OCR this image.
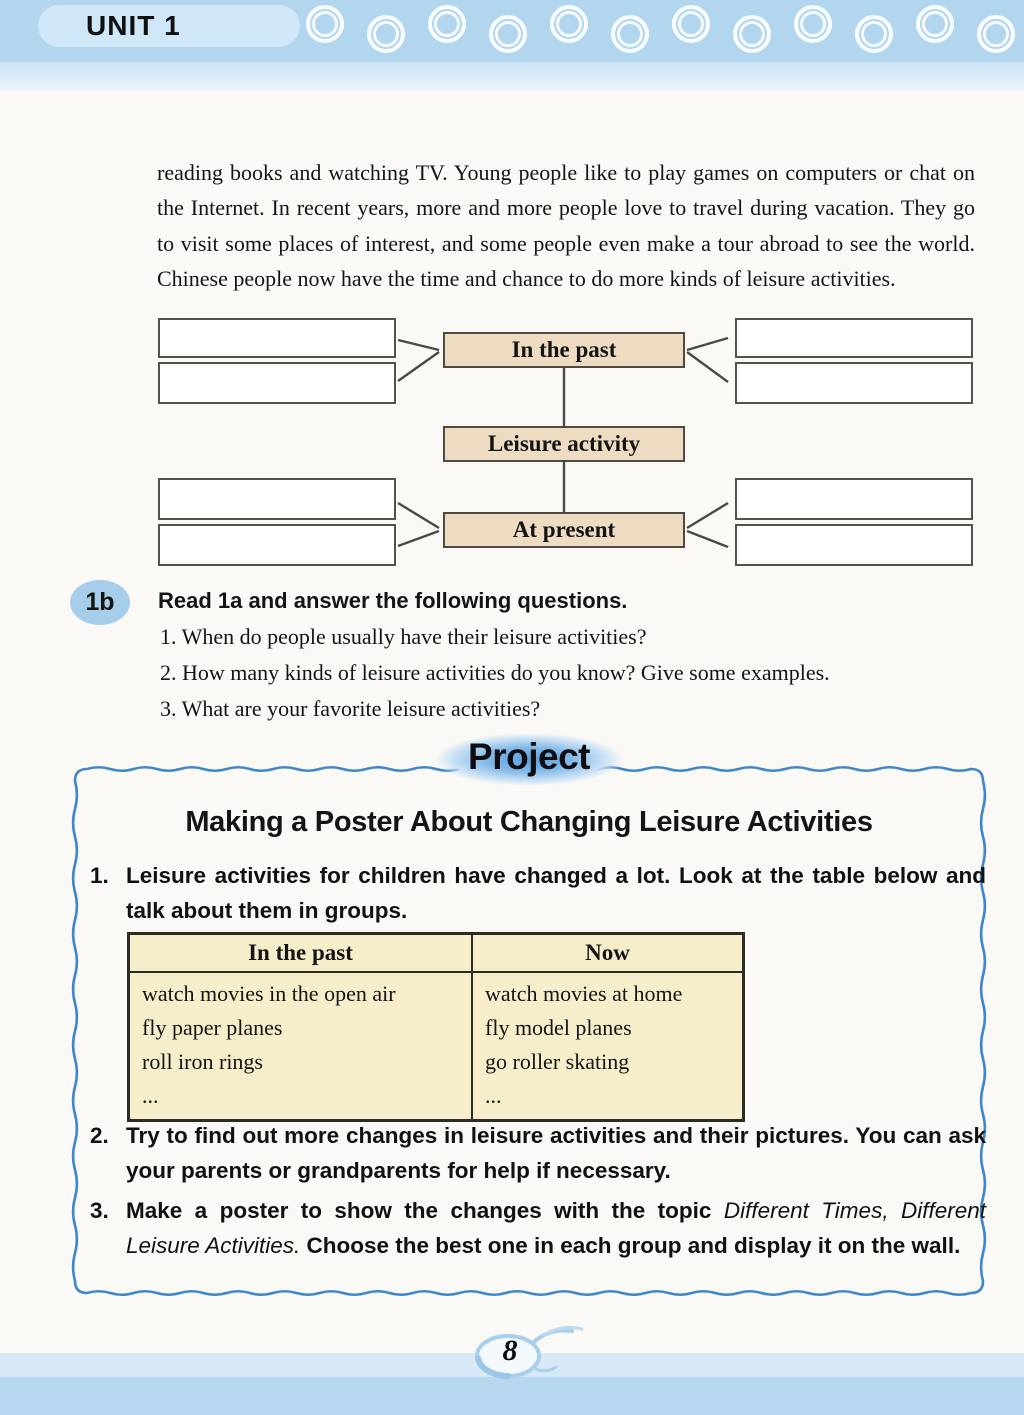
UNIT 1

reading books and watching TV. Young people like to play games on computers or chat on the Internet. In recent years, more and more people love to travel during vacation. They go to visit some places of interest, and some people even make a tour abroad to see the world. Chinese people now have the time and chance to do more kinds of leisure activities.

In the past
Leisure activity
At present
1b	Read 1a and answer the following questions.
1. When do people usually have their leisure activities?
2. How many kinds of leisure activities do you know? Give some examples.
3. What are your favorite leisure activities?
Project
Making a Poster About Changing Leisure Activities
1. Leisure activities for children have changed a lot. Look at the table below and talk about them in groups.
In the past
watch movies in the open air
fly paper planes
roll iron rings
...
Now
watch movies at home
fly model planes
go roller skating
...
2. Try to find out more changes in leisure activities and their pictures. You can ask your parents or grandparents for help if necessary.
3. Make a poster to show the changes with the topic Different Times, Different Leisure Activities. Choose the best one in each group and display it on the wall.
8
